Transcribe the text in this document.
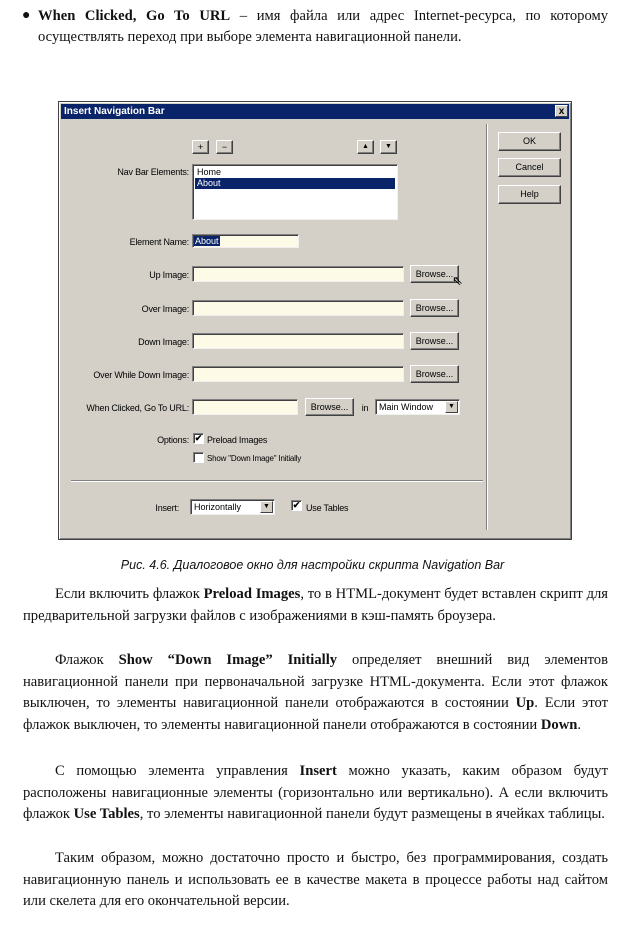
● When Clicked, Go To URL – имя файла или адрес Internet-ресурса, по которому осуществлять переход при выборе элемента навигационной панели.
Insert Navigation Bar	x
OK
Cancel
Help
+	−	▲	▼
Nav Bar Elements: Home
About
Element Name: About
Up Image:	Browse...
⇖
Over Image:	Browse...
Down Image:	Browse...
Over While Down Image:	Browse...
When Clicked, Go To URL:	Browse...	in	Main Window	▼
Options: ✔ Preload Images
Show "Down Image" Initially
Insert:	Horizontally	▼	✔ Use Tables
Рис. 4.6. Диалоговое окно для настройки скрипта Navigation Bar
Если включить флажок Preload Images, то в HTML-документ будет вставлен скрипт для предварительной загрузки файлов с изображениями в кэш-память броузера.
Флажок Show “Down Image” Initially определяет внешний вид элементов навигационной панели при первоначальной загрузке HTML-документа. Если этот флажок выключен, то элементы навигационной панели отображаются в состоянии Up. Если этот флажок выключен, то элементы навигационной панели отображаются в состоянии Down.
С помощью элемента управления Insert можно указать, каким образом будут расположены навигационные элементы (горизонтально или вертикально). А если включить флажок Use Tables, то элементы навигационной панели будут размещены в ячейках таблицы.
Таким образом, можно достаточно просто и быстро, без программирования, создать навигационную панель и использовать ее в качестве макета в процессе работы над сайтом или скелета для его окончательной версии.
